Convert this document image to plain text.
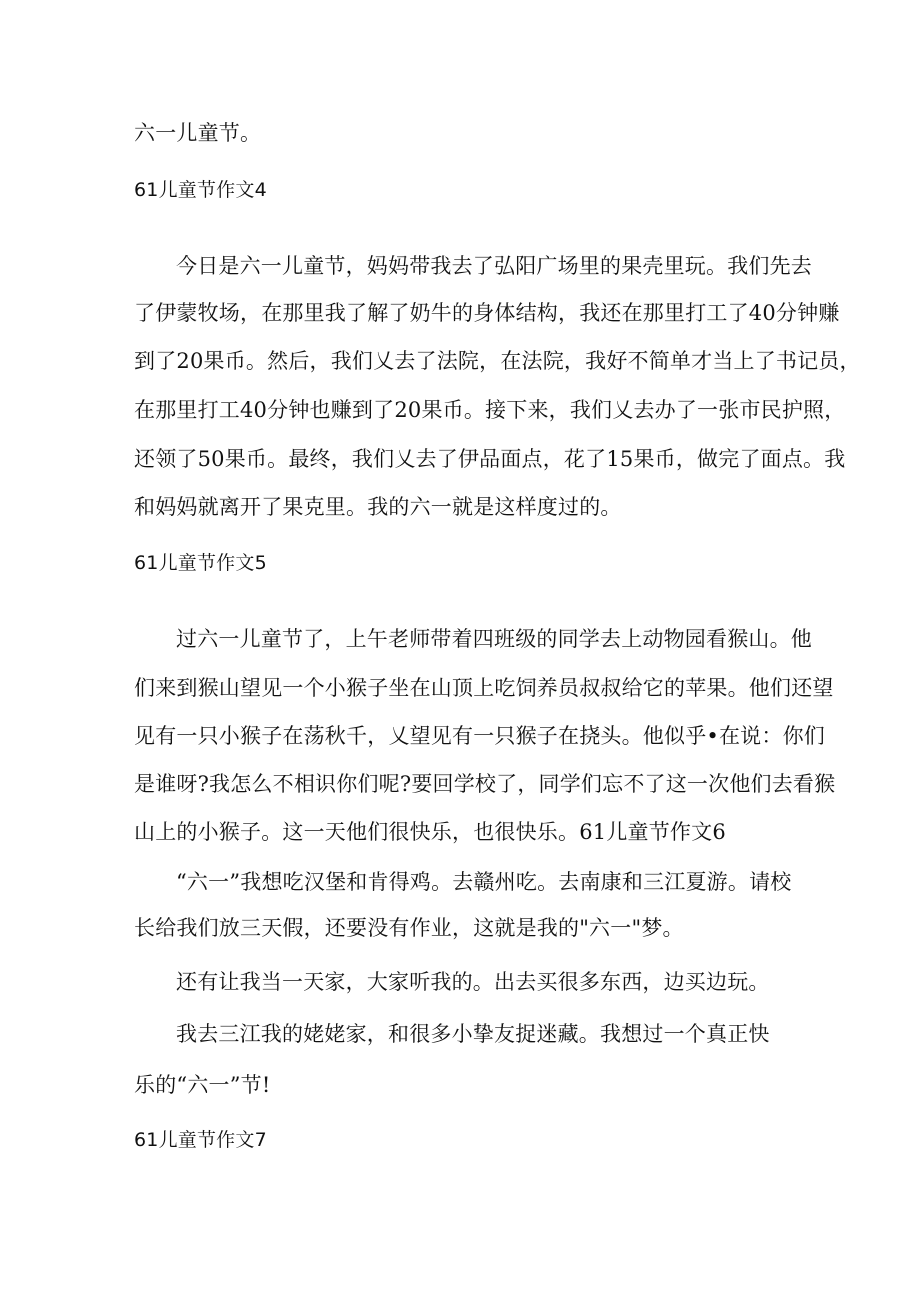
六一儿童节。
61儿童节作文4
今日是六一儿童节，妈妈带我去了弘阳广场里的果壳里玩。我们先去
了伊蒙牧场，在那里我了解了奶牛的身体结构，我还在那里打工了40分钟赚
到了20果币。然后，我们乂去了法院，在法院，我好不简单才当上了书记员，
在那里打工40分钟也赚到了20果币。接下来，我们乂去办了一张市民护照，
还领了50果币。最终，我们乂去了伊品面点，花了15果币，做完了面点。我
和妈妈就离开了果克里。我的六一就是这样度过的。
61儿童节作文5
过六一儿童节了，上午老师带着四班级的同学去上动物园看猴山。他
们来到猴山望见一个小猴子坐在山顶上吃饲养员叔叔给它的苹果。他们还望
见有一只小猴子在荡秋千，乂望见有一只猴子在挠头。他似乎•在说：你们
是谁呀?我怎么不相识你们呢?要回学校了，同学们忘不了这一次他们去看猴
山上的小猴子。这一天他们很快乐，也很快乐。61儿童节作文6
“六一”我想吃汉堡和肯得鸡。去赣州吃。去南康和三江夏游。请校
长给我们放三天假，还要没有作业，这就是我的"六一"梦。
还有让我当一天家，大家听我的。出去买很多东西，边买边玩。
我去三江我的姥姥家，和很多小挚友捉迷藏。我想过一个真正快
乐的“六一”节!
61儿童节作文7
